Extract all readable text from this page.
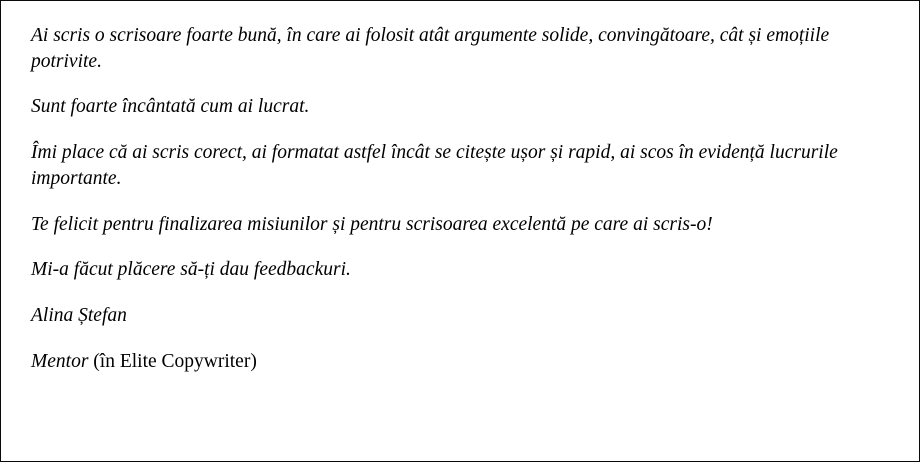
Ai scris o scrisoare foarte bună, în care ai folosit atât argumente solide, convingătoare, cât și emoțiile potrivite.

Sunt foarte încântată cum ai lucrat.

Îmi place că ai scris corect, ai formatat astfel încât se citește ușor și rapid, ai scos în evidență lucrurile importante.

Te felicit pentru finalizarea misiunilor și pentru scrisoarea excelentă pe care ai scris-o!

Mi-a făcut plăcere să-ți dau feedbackuri.

Alina Ștefan

Mentor (în Elite Copywriter)
